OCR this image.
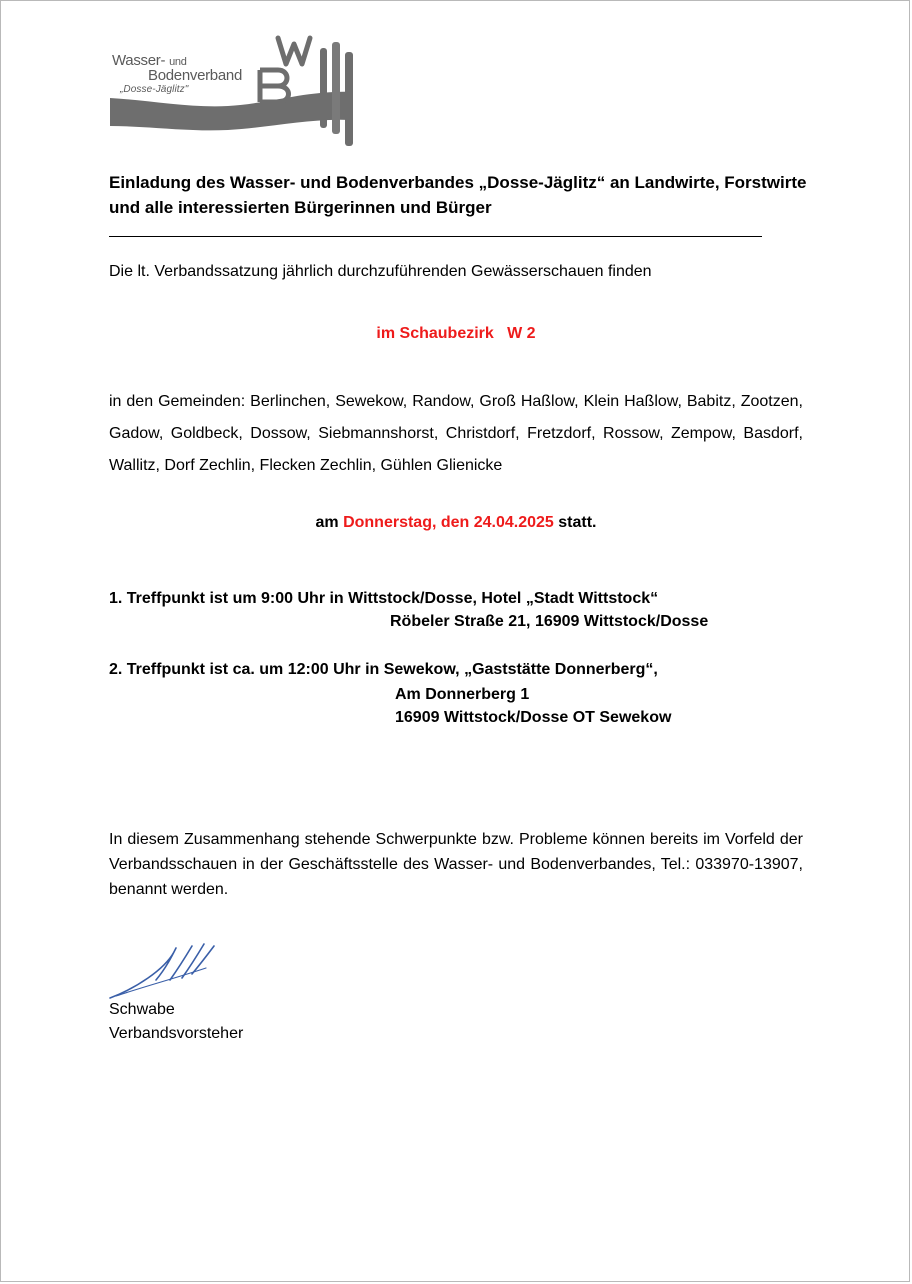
Wasser- und
Bodenverband
„Dosse-Jäglitz"
Einladung des Wasser- und Bodenverbandes „Dosse-Jäglitz“ an Landwirte, Forstwirte und alle interessierten Bürgerinnen und Bürger
Die lt. Verbandssatzung jährlich durchzuführenden Gewässerschauen finden
im Schaubezirk   W 2
in den Gemeinden: Berlinchen, Sewekow, Randow, Groß Haßlow, Klein Haßlow, Babitz, Zootzen, Gadow, Goldbeck, Dossow, Siebmannshorst, Christdorf, Fretzdorf, Rossow, Zempow, Basdorf, Wallitz, Dorf Zechlin, Flecken Zechlin, Gühlen Glienicke
am Donnerstag, den 24.04.2025 statt.
1. Treffpunkt ist um 9:00 Uhr in Wittstock/Dosse, Hotel „Stadt Wittstock“
Röbeler Straße 21, 16909 Wittstock/Dosse
2. Treffpunkt ist ca. um 12:00 Uhr in Sewekow, „Gaststätte Donnerberg“,
Am Donnerberg 1
16909 Wittstock/Dosse OT Sewekow
In diesem Zusammenhang stehende Schwerpunkte bzw. Probleme können bereits im Vorfeld der Verbandsschauen in der Geschäftsstelle des Wasser- und Bodenverbandes, Tel.: 033970-13907, benannt werden.
Schwabe
Verbandsvorsteher
